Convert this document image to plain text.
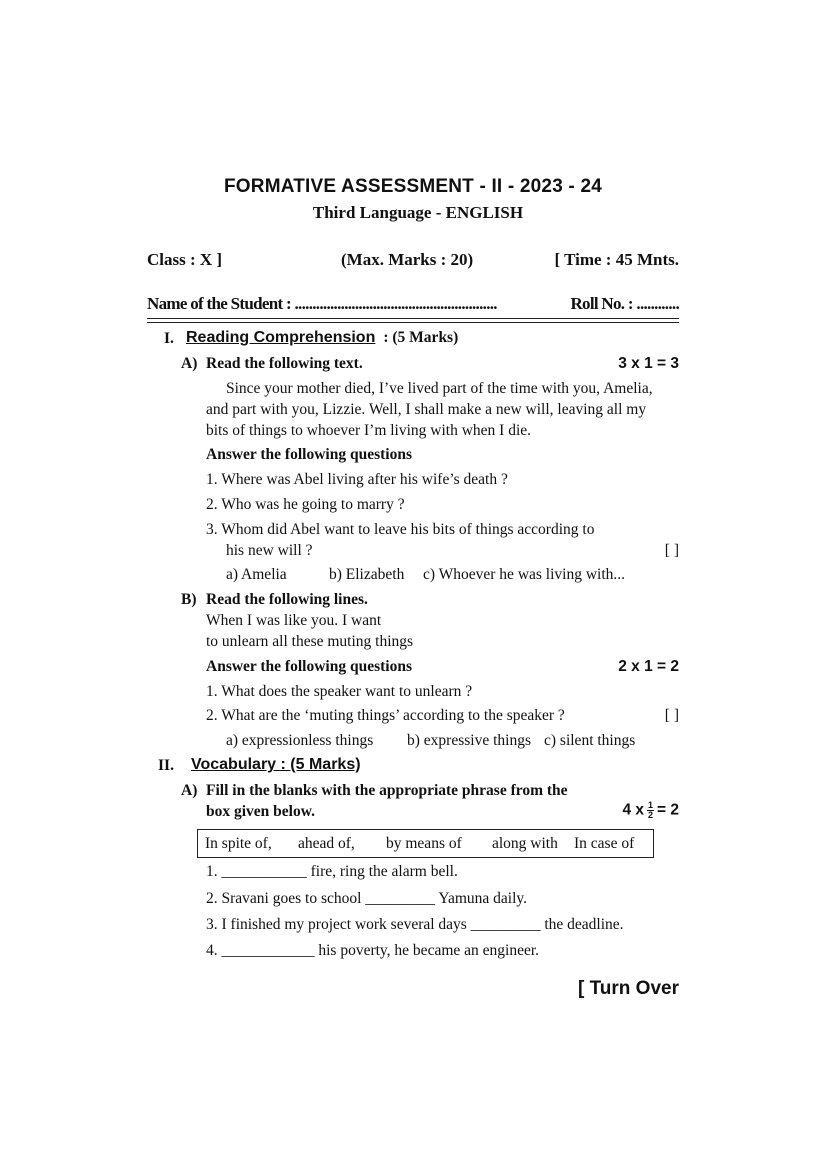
FORMATIVE ASSESSMENT - II - 2023 - 24
Third Language - ENGLISH
Class : X ]	(Max. Marks : 20)	[ Time : 45 Mnts.
Name of the Student : .........................................................	Roll No. : ............
I. Reading Comprehension : (5 Marks)
A) Read the following text.	3 x 1 = 3
Since your mother died, I’ve lived part of the time with you, Amelia,
and part with you, Lizzie. Well, I shall make a new will, leaving all my
bits of things to whoever I’m living with when I die.
Answer the following questions
1. Where was Abel living after his wife’s death ?
2. Who was he going to marry ?
3. Whom did Abel want to leave his bits of things according to
his new will ?	[ ]
a) Amelia	b) Elizabeth c) Whoever he was living with...
B) Read the following lines.
When I was like you. I want
to unlearn all these muting things
Answer the following questions	2 x 1 = 2
1. What does the speaker want to unlearn ?
2. What are the ‘muting things’ according to the speaker ?	[ ]
a) expressionless things b) expressive things c) silent things
II. Vocabulary : (5 Marks)
A) Fill in the blanks with the appropriate phrase from the
box given below.	4 x $\frac{1}{2} = 2$
In spite of, ahead of, by means of along with In case of
1. ___________ fire, ring the alarm bell.
2. Sravani goes to school _________ Yamuna daily.
3. I finished my project work several days _________ the deadline.
4. ____________ his poverty, he became an engineer.
[ Turn Over
